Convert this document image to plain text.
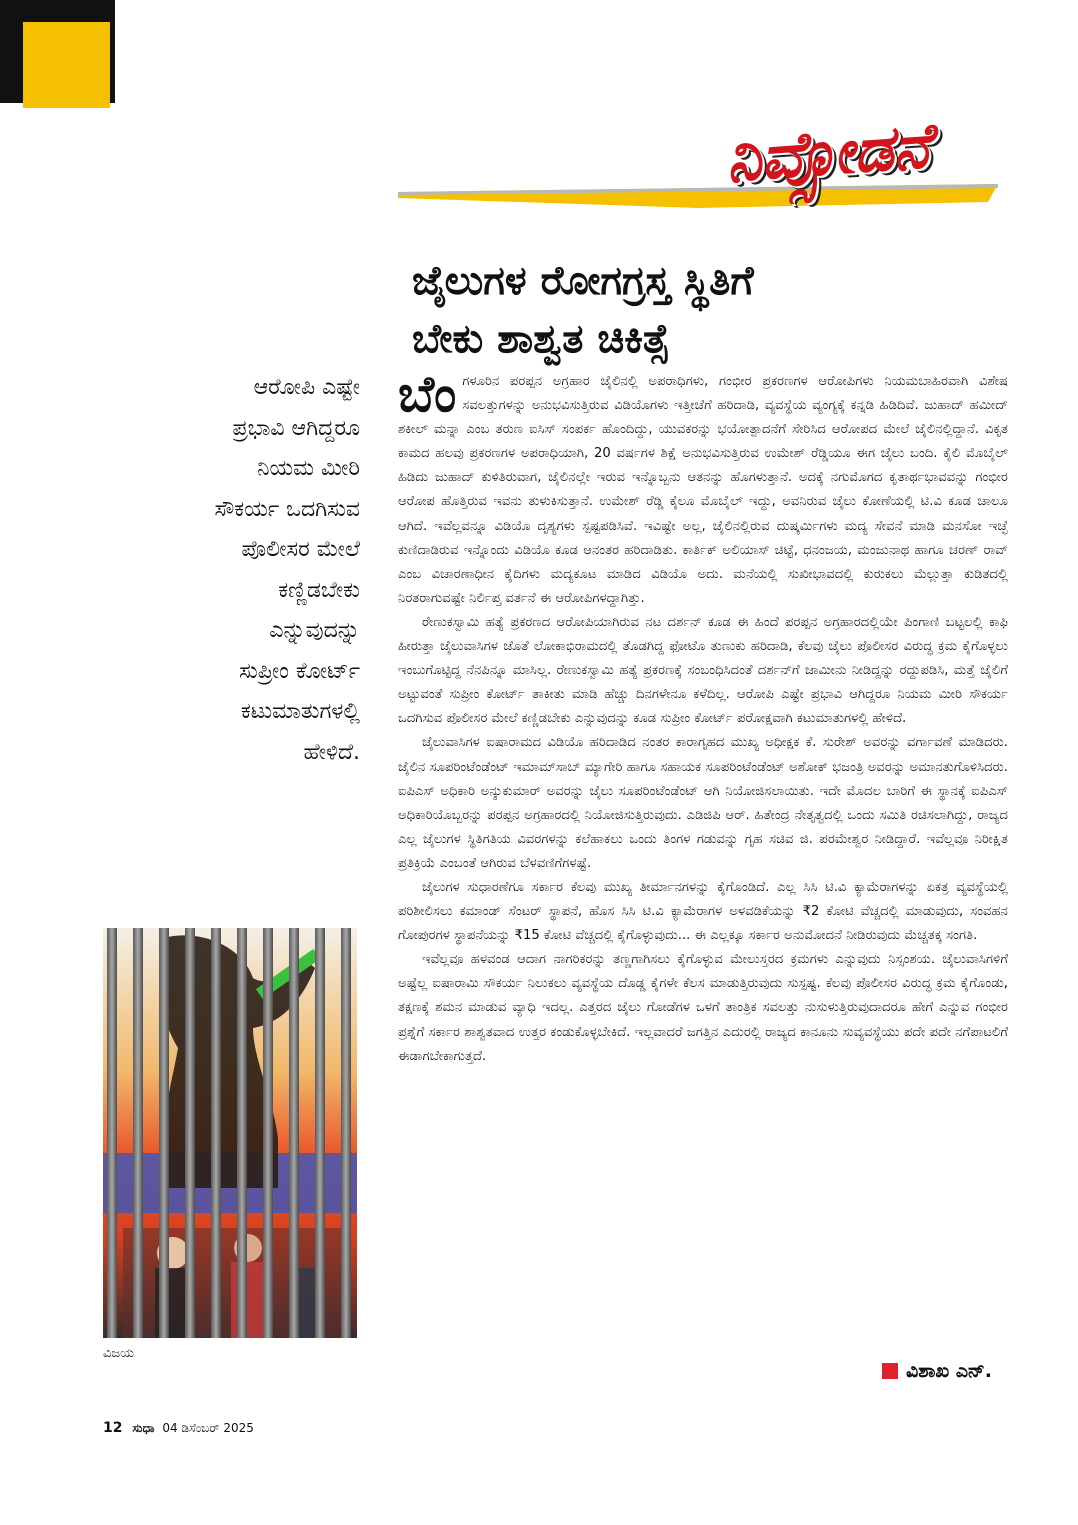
ನಿವ್ಸೋಡನೆ
ಜೈಲುಗಳ ರೋಗಗ್ರಸ್ತ ಸ್ಥಿತಿಗೆ
ಬೇಕು ಶಾಶ್ವತ ಚಿಕಿತ್ಸೆ
ಆರೋಪಿ ಎಷ್ಟೇ
ಪ್ರಭಾವಿ ಆಗಿದ್ದರೂ
ನಿಯಮ ಮೀರಿ
ಸೌಕರ್ಯ ಒದಗಿಸುವ
ಪೊಲೀಸರ ಮೇಲೆ
ಕಣ್ಣಿಡಬೇಕು
ಎನ್ನುವುದನ್ನು
ಸುಪ್ರೀಂ ಕೋರ್ಟ್
ಕಟುಮಾತುಗಳಲ್ಲಿ
ಹೇಳಿದೆ.
ವಿಜಯ

ಬೆಂಗಳೂರಿನ ಪರಪ್ಪನ ಅಗ್ರಹಾರ ಜೈಲಿನಲ್ಲಿ ಅಪರಾಧಿಗಳು, ಗಂಭೀರ ಪ್ರಕರಣಗಳ ಆರೋಪಿಗಳು ನಿಯಮಬಾಹಿರವಾಗಿ ವಿಶೇಷ ಸವಲತ್ತುಗಳನ್ನು ಅನುಭವಿಸುತ್ತಿರುವ ವಿಡಿಯೊಗಳು ಇತ್ತೀಚೆಗೆ ಹರಿದಾಡಿ, ವ್ಯವಸ್ಥೆಯ ವ್ಯಂಗ್ಯಕ್ಕೆ ಕನ್ನಡಿ ಹಿಡಿದಿವೆ. ಜುಹಾದ್ ಹಮೀದ್ ಶಕೀಲ್ ಮನ್ನಾ ಎಂಬ ತರುಣ ಐಸಿಸ್ ಸಂಪರ್ಕ ಹೊಂದಿದ್ದು, ಯುವಕರನ್ನು ಭಯೋತ್ಪಾದನೆಗೆ ಸೇರಿಸಿದ ಆರೋಪದ ಮೇಲೆ ಜೈಲಿನಲ್ಲಿದ್ದಾನೆ. ವಿಕೃತ ಕಾಮದ ಹಲವು ಪ್ರಕರಣಗಳ ಅಪರಾಧಿಯಾಗಿ, 20 ವರ್ಷಗಳ ಶಿಕ್ಷೆ ಅನುಭವಿಸುತ್ತಿರುವ ಉಮೇಶ್ ರೆಡ್ಡಿಯೂ ಈಗ ಜೈಲು ಬಂದಿ. ಕೈಲಿ ಮೊಬೈಲ್ ಹಿಡಿದು ಜುಹಾದ್ ಕುಳಿತಿರುವಾಗ, ಜೈಲಿನಲ್ಲೇ ಇರುವ ಇನ್ನೊಬ್ಬನು ಆತನನ್ನು ಹೊಗಳುತ್ತಾನೆ. ಅದಕ್ಕೆ ನಗುಮೊಗದ ಕೃತಾರ್ಥಭಾವವನ್ನು ಗಂಭೀರ ಆರೋಪ ಹೊತ್ತಿರುವ ಇವನು ತುಳುಕಿಸುತ್ತಾನೆ. ಉಮೇಶ್ ರೆಡ್ಡಿ ಕೈಲೂ ಮೊಬೈಲ್ ಇದ್ದು, ಅವನಿರುವ ಜೈಲು ಕೋಣೆಯಲ್ಲಿ ಟಿ.ವಿ ಕೂಡ ಚಾಲೂ ಆಗಿದೆ. ಇವೆಲ್ಲವನ್ನೂ ವಿಡಿಯೊ ದೃಶ್ಯಗಳು ಸ್ಪಷ್ಟಪಡಿಸಿವೆ. ಇವಿಷ್ಟೇ ಅಲ್ಲ, ಜೈಲಿನಲ್ಲಿರುವ ದುಷ್ಕರ್ಮಿಗಳು ಮದ್ಯ ಸೇವನೆ ಮಾಡಿ ಮನಸೋ ಇಚ್ಛೆ ಕುಣಿದಾಡಿರುವ ಇನ್ನೊಂದು ವಿಡಿಯೊ ಕೂಡ ಆನಂತರ ಹರಿದಾಡಿತು. ಕಾರ್ತಿಕ್ ಅಲಿಯಾಸ್ ಚಿಟ್ಟೆ, ಧನಂಜಯ, ಮಂಜುನಾಥ ಹಾಗೂ ಚರಣ್ ರಾವ್ ಎಂಬ ವಿಚಾರಣಾಧೀನ ಕೈದಿಗಳು ಮದ್ಯಕೂಟ ಮಾಡಿದ ವಿಡಿಯೊ ಅದು. ಮನೆಯಲ್ಲಿ ಸುಖೀಭಾವದಲ್ಲಿ ಕುರುಕಲು ಮೆಲ್ಲುತ್ತಾ ಕುಡಿತದಲ್ಲಿ ನಿರತರಾಗುವಷ್ಟೇ ನಿರ್ಲಿಪ್ತ ವರ್ತನೆ ಈ ಆರೋಪಿಗಳದ್ದಾಗಿತ್ತು.

ರೇಣುಕಸ್ವಾಮಿ ಹತ್ಯೆ ಪ್ರಕರಣದ ಆರೋಪಿಯಾಗಿರುವ ನಟ ದರ್ಶನ್ ಕೂಡ ಈ ಹಿಂದೆ ಪರಪ್ಪನ ಅಗ್ರಹಾರದಲ್ಲಿಯೇ ಪಿಂಗಾಣಿ ಬಟ್ಟಲಲ್ಲಿ ಕಾಫಿ ಹೀರುತ್ತಾ ಜೈಲುವಾಸಿಗಳ ಜೊತೆ ಲೋಕಾಭಿರಾಮದಲ್ಲಿ ತೊಡಗಿದ್ದ ಫೋಟೊ ತುಣುಕು ಹರಿದಾಡಿ, ಕೆಲವು ಜೈಲು ಪೊಲೀಸರ ವಿರುದ್ಧ ಕ್ರಮ ಕೈಗೊಳ್ಳಲು ಇಂಬುಗೊಟ್ಟಿದ್ದ ನೆನಪಿನ್ನೂ ಮಾಸಿಲ್ಲ. ರೇಣುಕಸ್ವಾಮಿ ಹತ್ಯೆ ಪ್ರಕರಣಕ್ಕೆ ಸಂಬಂಧಿಸಿದಂತೆ ದರ್ಶನ್‌ಗೆ ಜಾಮೀನು ನೀಡಿದ್ದನ್ನು ರದ್ದುಪಡಿಸಿ, ಮತ್ತೆ ಜೈಲಿಗೆ ಅಟ್ಟುವಂತೆ ಸುಪ್ರೀಂ ಕೋರ್ಟ್ ತಾಕೀತು ಮಾಡಿ ಹೆಚ್ಚು ದಿನಗಳೇನೂ ಕಳೆದಿಲ್ಲ. ಆರೋಪಿ ಎಷ್ಟೇ ಪ್ರಭಾವಿ ಆಗಿದ್ದರೂ ನಿಯಮ ಮೀರಿ ಸೌಕರ್ಯ ಒದಗಿಸುವ ಪೊಲೀಸರ ಮೇಲೆ ಕಣ್ಣಿಡಬೇಕು ಎನ್ನುವುದನ್ನು ಕೂಡ ಸುಪ್ರೀಂ ಕೋರ್ಟ್ ಪರೋಕ್ಷವಾಗಿ ಕಟುಮಾತುಗಳಲ್ಲಿ ಹೇಳಿದೆ.

ಜೈಲುವಾಸಿಗಳ ಐಷಾರಾಮದ ವಿಡಿಯೊ ಹರಿದಾಡಿದ ನಂತರ ಕಾರಾಗೃಹದ ಮುಖ್ಯ ಅಧೀಕ್ಷಕ ಕೆ. ಸುರೇಶ್ ಅವರನ್ನು ವರ್ಗಾವಣೆ ಮಾಡಿದರು. ಜೈಲಿನ ಸೂಪರಿಂಟೆಂಡೆಂಟ್ ಇಮಾಮ್‌ಸಾಬ್ ಮ್ಯಾಗೇರಿ ಹಾಗೂ ಸಹಾಯಕ ಸೂಪರಿಂಟೆಂಡೆಂಟ್ ಅಶೋಕ್ ಭಜಂತ್ರಿ ಅವರನ್ನು ಅಮಾನತುಗೊಳಿಸಿದರು. ಐಪಿಎಸ್ ಅಧಿಕಾರಿ ಅನ್ಶುಕುಮಾರ್ ಅವರನ್ನು ಜೈಲು ಸೂಪರಿಂಟೆಂಡೆಂಟ್ ಆಗಿ ನಿಯೋಜಿಸಲಾಯಿತು. ಇದೇ ಮೊದಲ ಬಾರಿಗೆ ಈ ಸ್ಥಾನಕ್ಕೆ ಐಪಿಎಸ್ ಅಧಿಕಾರಿಯೊಬ್ಬರನ್ನು ಪರಪ್ಪನ ಅಗ್ರಹಾರದಲ್ಲಿ ನಿಯೋಜಿಸುತ್ತಿರುವುದು. ಎಡಿಜಿಪಿ ಆರ್. ಹಿತೇಂದ್ರ ನೇತೃತ್ವದಲ್ಲಿ ಒಂದು ಸಮಿತಿ ರಚಿಸಲಾಗಿದ್ದು, ರಾಜ್ಯದ ಎಲ್ಲ ಜೈಲುಗಳ ಸ್ಥಿತಿಗತಿಯ ವಿವರಗಳನ್ನು ಕಲೆಹಾಕಲು ಒಂದು ತಿಂಗಳ ಗಡುವನ್ನು ಗೃಹ ಸಚಿವ ಜಿ. ಪರಮೇಶ್ವರ ನೀಡಿದ್ದಾರೆ. ಇವೆಲ್ಲವೂ ನಿರೀಕ್ಷಿತ ಪ್ರತಿಕ್ರಿಯೆ ಎಂಬಂತೆ ಆಗಿರುವ ಬೆಳವಣಿಗೆಗಳಷ್ಟೆ.

ಜೈಲುಗಳ ಸುಧಾರಣೆಗೂ ಸರ್ಕಾರ ಕೆಲವು ಮುಖ್ಯ ತೀರ್ಮಾನಗಳನ್ನು ಕೈಗೊಂಡಿದೆ. ಎಲ್ಲ ಸಿಸಿ ಟಿ.ವಿ ಕ್ಯಾಮೆರಾಗಳನ್ನು ಏಕತ್ರ ವ್ಯವಸ್ಥೆಯಲ್ಲಿ ಪರಿಶೀಲಿಸಲು ಕಮಾಂಡ್ ಸೆಂಟರ್ ಸ್ಥಾಪನೆ, ಹೊಸ ಸಿಸಿ ಟಿ.ವಿ ಕ್ಯಾಮೆರಾಗಳ ಅಳವಡಿಕೆಯನ್ನು ₹2 ಕೋಟಿ ವೆಚ್ಚದಲ್ಲಿ ಮಾಡುವುದು, ಸಂವಹನ ಗೋಪುರಗಳ ಸ್ಥಾಪನೆಯನ್ನು ₹15 ಕೋಟಿ ವೆಚ್ಚದಲ್ಲಿ ಕೈಗೊಳ್ಳುವುದು... ಈ ಎಲ್ಲಕ್ಕೂ ಸರ್ಕಾರ ಅನುಮೋದನೆ ನೀಡಿರುವುದು ಮೆಚ್ಚತಕ್ಕ ಸಂಗತಿ.

ಇವೆಲ್ಲವೂ ಹಳವಂಡ ಆದಾಗ ನಾಗರಿಕರನ್ನು ತಣ್ಣಗಾಗಿಸಲು ಕೈಗೊಳ್ಳುವ ಮೇಲುಸ್ತರದ ಕ್ರಮಗಳು ಎನ್ನುವುದು ನಿಸ್ಸಂಶಯ. ಜೈಲುವಾಸಿಗಳಿಗೆ ಅಷ್ಟೆಲ್ಲ ಐಷಾರಾಮಿ ಸೌಕರ್ಯ ನಿಲುಕಲು ವ್ಯವಸ್ಥೆಯ ದೊಡ್ಡ ಕೈಗಳೇ ಕೆಲಸ ಮಾಡುತ್ತಿರುವುದು ಸುಸ್ಪಷ್ಟ. ಕೆಲವು ಪೊಲೀಸರ ವಿರುದ್ಧ ಕ್ರಮ ಕೈಗೊಂಡು, ತಕ್ಷಣಕ್ಕೆ ಶಮನ ಮಾಡುವ ವ್ಯಾಧಿ ಇದಲ್ಲ. ಎತ್ತರದ ಜೈಲು ಗೋಡೆಗಳ ಒಳಗೆ ತಾಂತ್ರಿಕ ಸವಲತ್ತು ನುಸುಳುತ್ತಿರುವುದಾದರೂ ಹೇಗೆ ಎನ್ನುವ ಗಂಭೀರ ಪ್ರಶ್ನೆಗೆ ಸರ್ಕಾರ ಶಾಶ್ವತವಾದ ಉತ್ತರ ಕಂಡುಕೊಳ್ಳಬೇಕಿದೆ. ಇಲ್ಲವಾದರೆ ಜಗತ್ತಿನ ಎದುರಲ್ಲಿ ರಾಜ್ಯದ ಕಾನೂನು ಸುವ್ಯವಸ್ಥೆಯು ಪದೇ ಪದೇ ನಗೆಪಾಟಲಿಗೆ ಈಡಾಗಬೇಕಾಗುತ್ತದೆ.

ವಿಶಾಖ ಎನ್.
12 ಸುಧಾ 04 ಡಿಸೆಂಬರ್ 2025
